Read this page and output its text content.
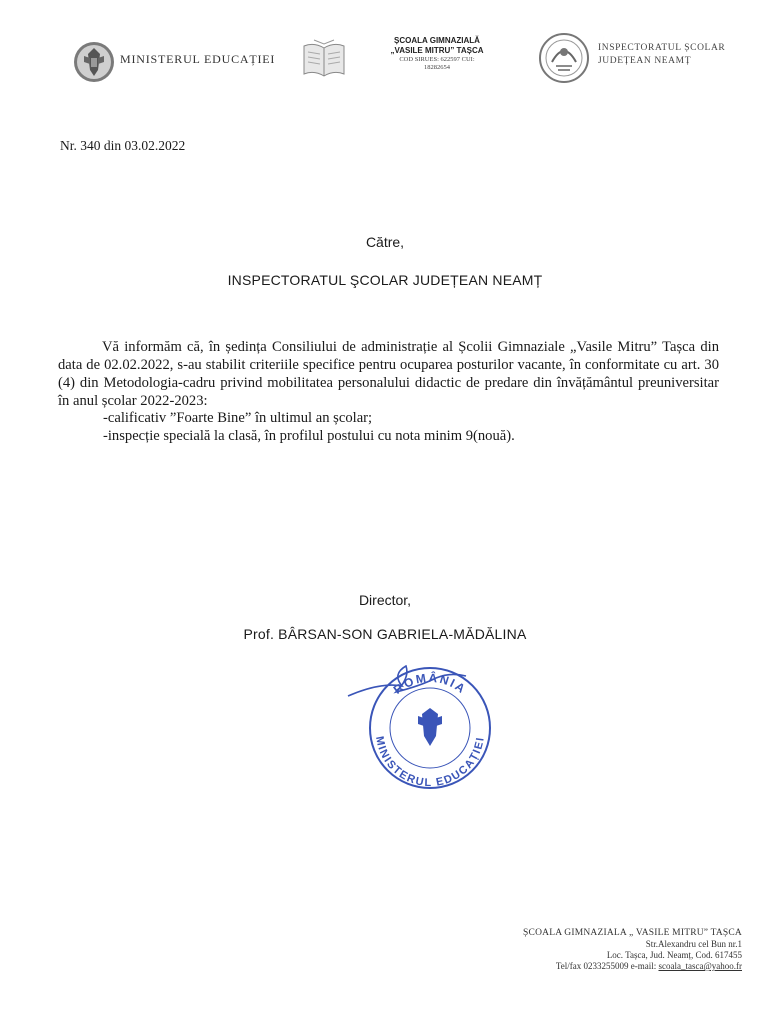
MINISTERUL EDUCAȚIEI
ȘCOALA GIMNAZIALĂ
„VASILE MITRU” TAȘCA
COD SIRUES: 622597 CUI:
18282654
INSPECTORATUL ȘCOLAR
JUDEȚEAN NEAMȚ
Nr. 340 din 03.02.2022
Către,
INSPECTORATUL ŞCOLAR JUDEȚEAN NEAMȚ
Vă informăm că, în ședința Consiliului de administrație al Școlii Gimnaziale „Vasile Mitru” Tașca din data de 02.02.2022, s-au stabilit criteriile specifice pentru ocuparea posturilor vacante, în conformitate cu art. 30 (4) din Metodologia-cadru privind mobilitatea personalului didactic de predare din învățământul preuniversitar în anul școlar 2022-2023:
-calificativ ”Foarte Bine” în ultimul an școlar;
-inspecție specială la clasă, în profilul postului cu nota minim 9(nouă).
Director,
Prof. BÂRSAN-SON GABRIELA-MĂDĂLINA
ROMÂNIA
MINISTERUL EDUCAȚIEI
ȘCOALA GIMNAZIALA „ VASILE MITRU” TAȘCA
Str.Alexandru cel Bun nr.1
Loc. Tașca, Jud. Neamț, Cod. 617455
Tel/fax 0233255009 e-mail: scoala_tasca@yahoo.fr
